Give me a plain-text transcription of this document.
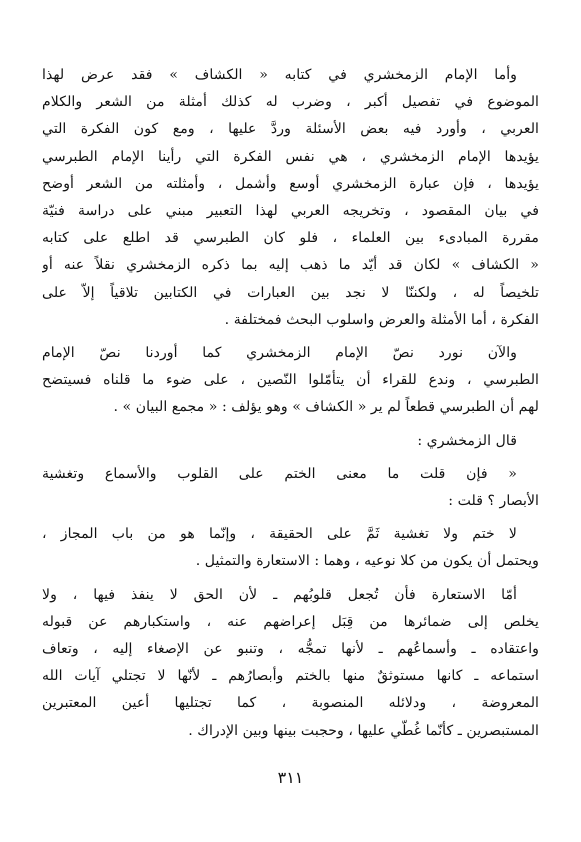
وأما الإمام الزمخشري في كتابه « الكشاف » فقد عرض لهذا
الموضوع في تفصيل أكبر ، وضرب له كذلك أمثلة من الشعر والكلام
العربي ، وأورد فيه بعض الأسئلة وردَّ عليها ، ومع كون الفكرة التي
يؤيدها الإمام الزمخشري ، هي نفس الفكرة التي رأينا الإمام الطبرسي
يؤيدها ، فإن عبارة الزمخشري أوسع وأشمل ، وأمثلته من الشعر أوضح
في بيان المقصود ، وتخريجه العربي لهذا التعبير مبني على دراسة فنيّة
مقررة المبادىء بين العلماء ، فلو كان الطبرسي قد اطلع على كتابه
« الكشاف » لكان قد أيّد ما ذهب إليه بما ذكره الزمخشري نقلاً عنه أو
تلخيصاً له ، ولكننّا لا نجد بين العبارات في الكتابين تلاقياً إلاّ على
الفكرة ، أما الأمثلة والعرض واسلوب البحث فمختلفة .

والآن نورد نصّ الإمام الزمخشري كما أوردنا نصّ الإمام
الطبرسي ، وندع للقراء أن يتأمّلوا النّصين ، على ضوء ما قلناه فسيتضح
لهم أن الطبرسي قطعاً لم ير « الكشاف » وهو يؤلف : « مجمع البيان » .

قال الزمخشري :

« فإن قلت ما معنى الختم على القلوب والأسماع وتغشية
الأبصار ؟ قلت :

لا ختم ولا تغشية ثَمَّ على الحقيقة ، وإنّما هو من باب المجاز ،
ويحتمل أن يكون من كلا نوعيه ، وهما : الاستعارة والتمثيل .

أمّا الاستعارة فأن تُجعل قلوبُهم ـ لأن الحق لا ينفذ فيها ، ولا
يخلص إلى ضمائرها من قِبَل إعراضهم عنه ، واستكبارهم عن قبوله
واعتقاده ـ وأسماعُهم ـ لأنها تمجُّه ، وتنبو عن الإصغاء إليه ، وتعاف
استماعه ـ كانها مستوثقٌ منها بالختم وأبصارُهم ـ لأنّها لا تجتلي آيات الله
المعروضة ، ودلائله المنصوبة ، كما تجتليها أعين المعتبرين
المستبصرين ـ كأنّما غُطّي عليها ، وحجبت بينها وبين الإدراك .

٣١١
